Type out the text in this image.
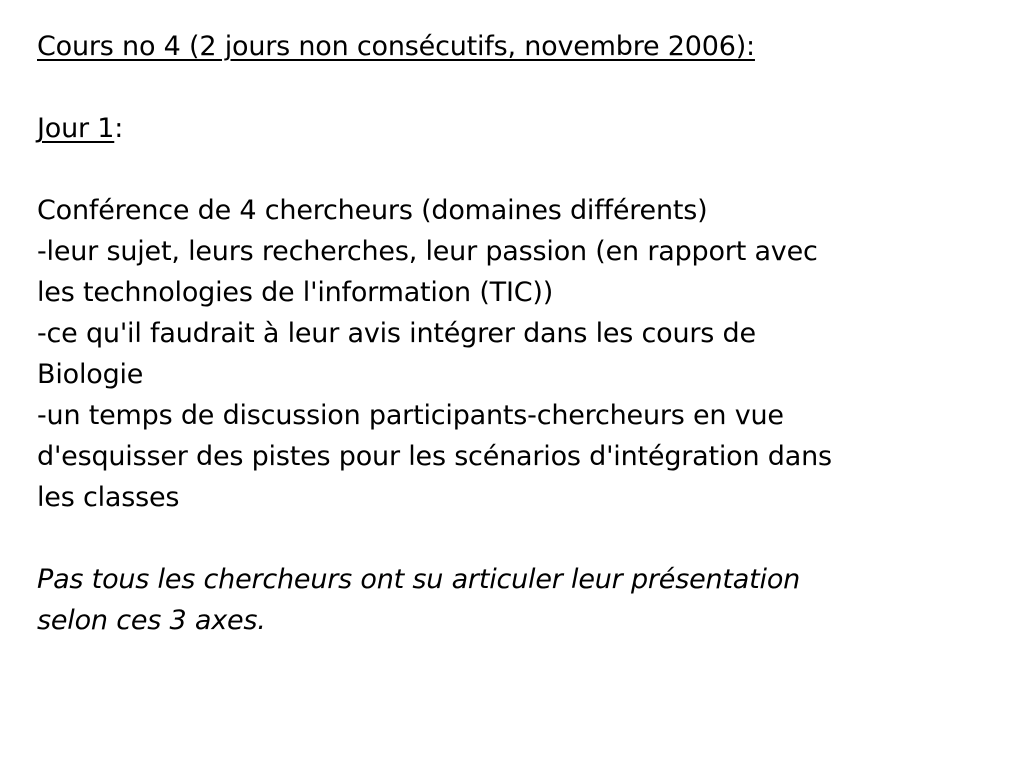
Cours no 4 (2 jours non consécutifs, novembre 2006):
Jour 1:
Conférence de 4 chercheurs (domaines différents)
-leur sujet, leurs recherches, leur passion (en rapport avec
les technologies de l'information (TIC))
-ce qu'il faudrait à leur avis intégrer dans les cours de
Biologie
-un temps de discussion participants-chercheurs en vue
d'esquisser des pistes pour les scénarios d'intégration dans
les classes
Pas tous les chercheurs ont su articuler leur présentation
selon ces 3 axes.
